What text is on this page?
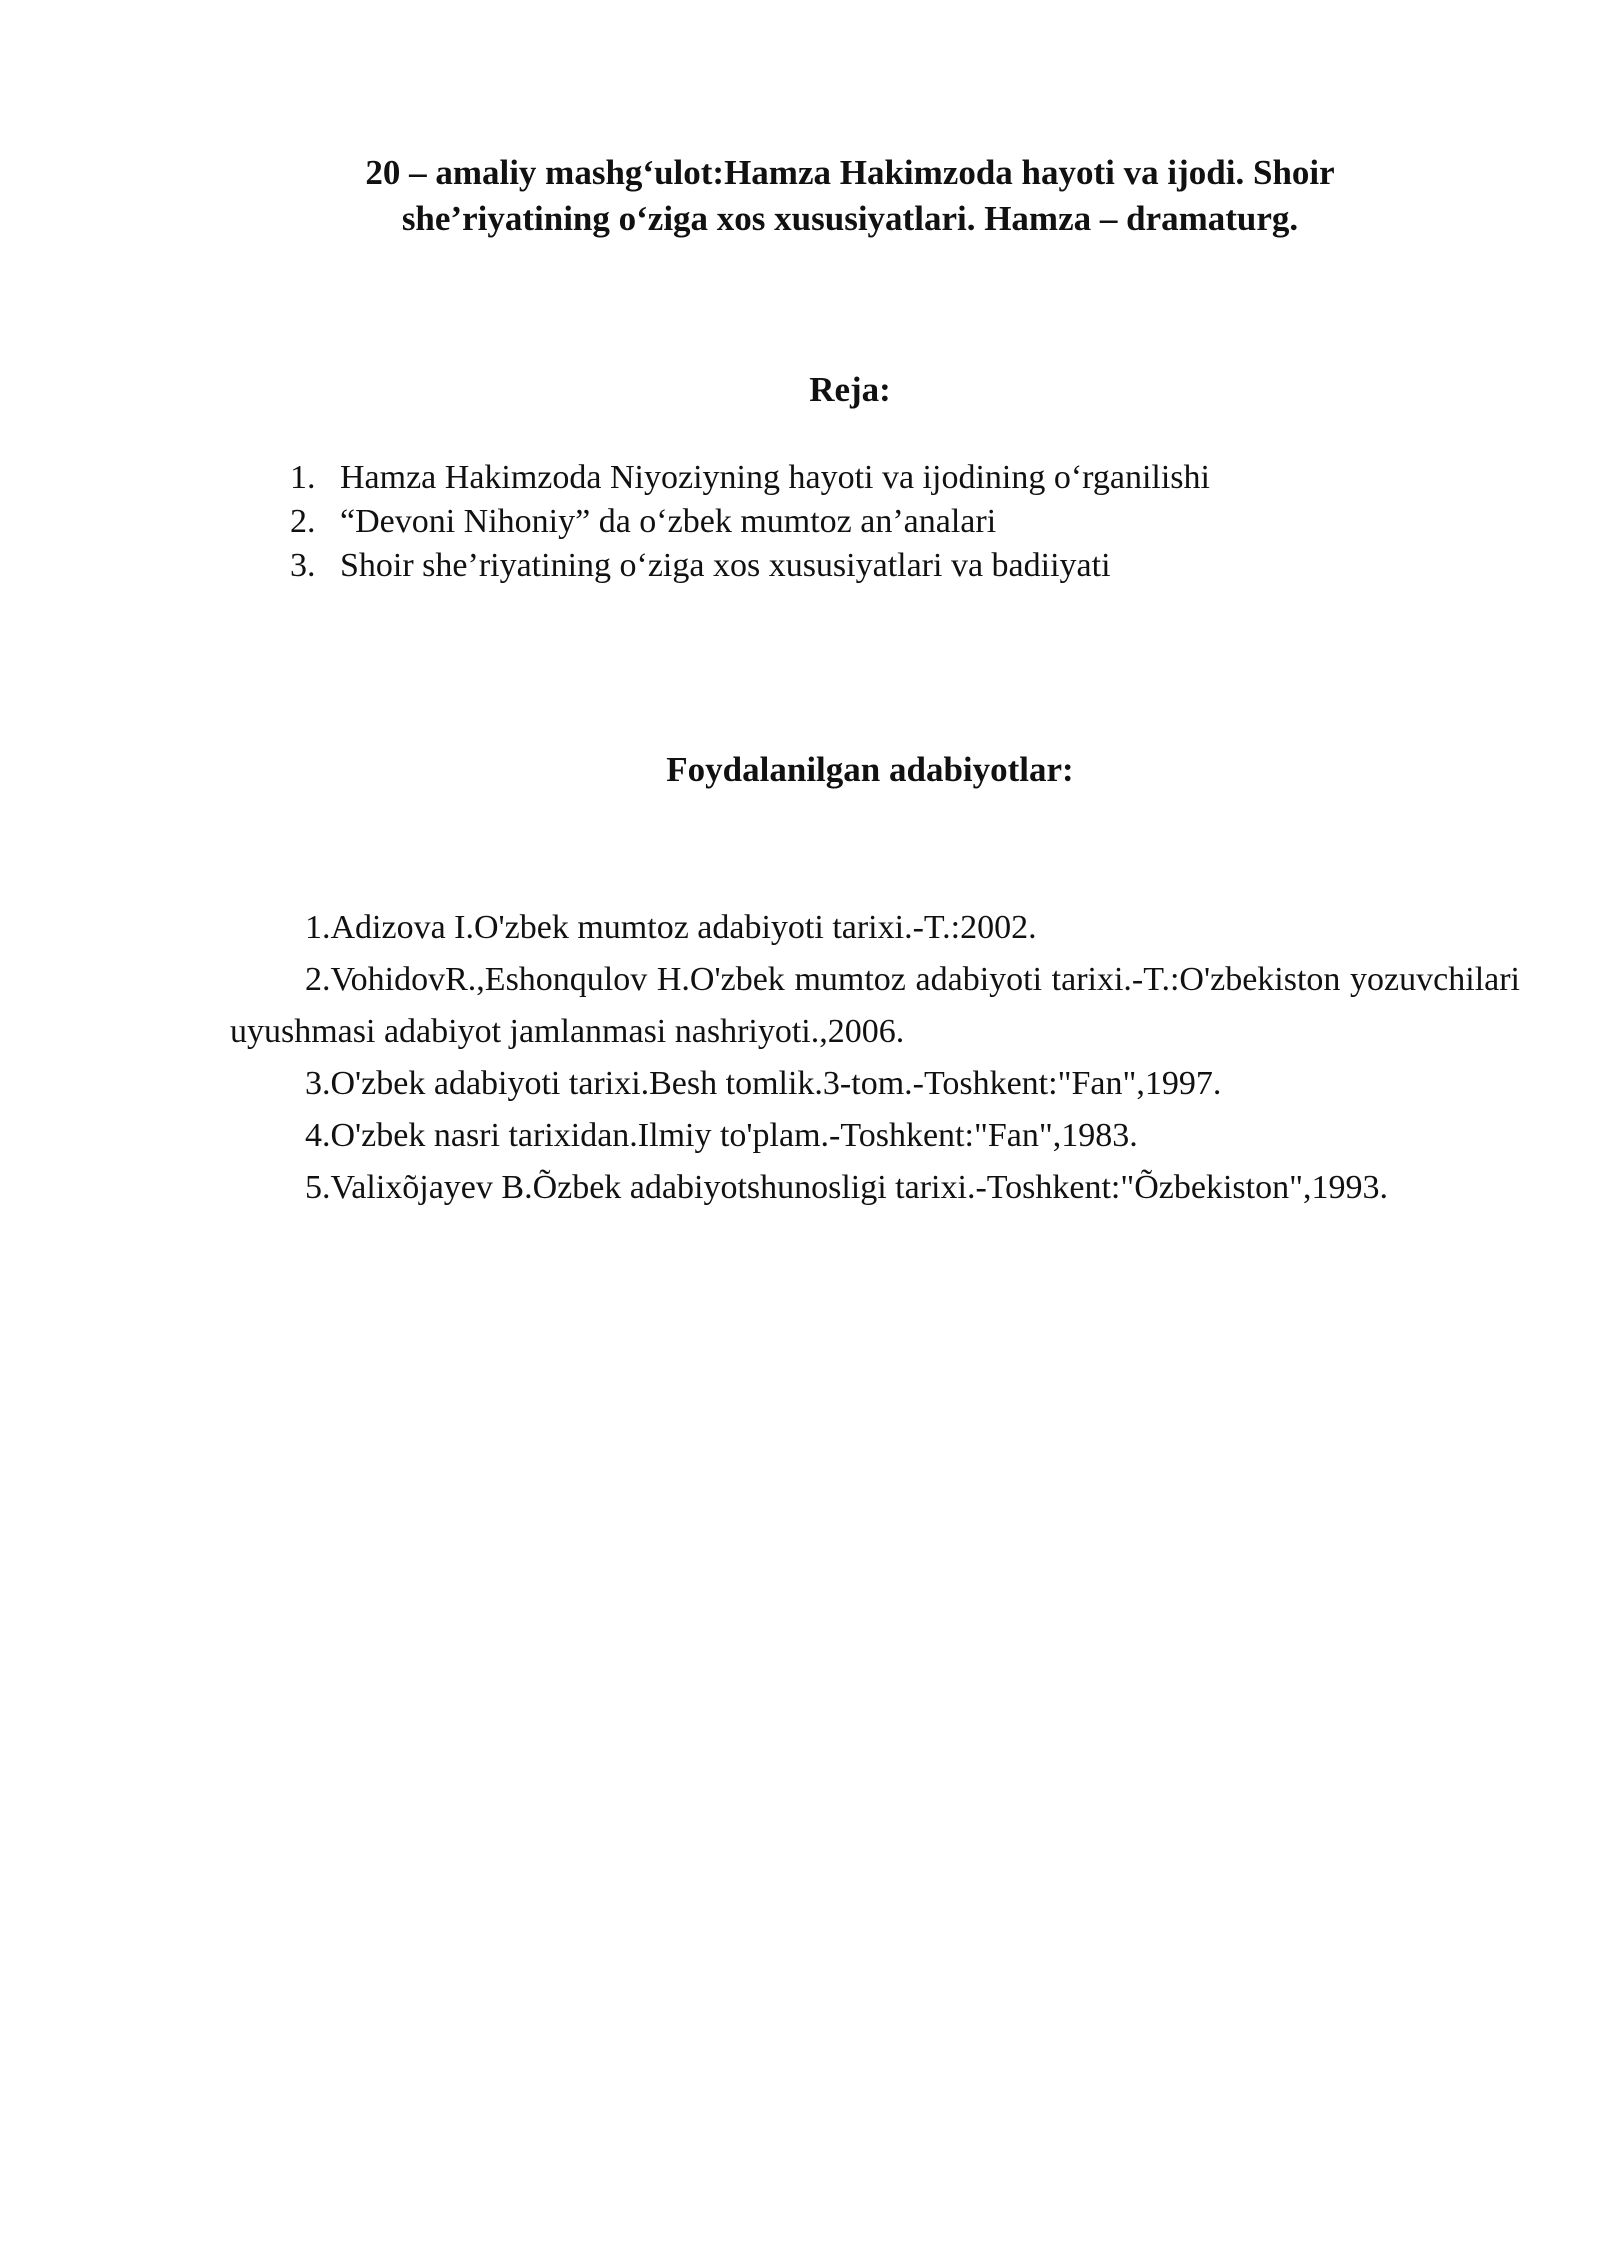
20 – amaliy mashg‘ulot:Hamza Hakimzoda hayoti va ijodi. Shoir
she’riyatining o‘ziga xos xususiyatlari. Hamza – dramaturg.
Reja:
1. Hamza Hakimzoda Niyoziyning hayoti va ijodining o‘rganilishi
2. “Devoni Nihoniy” da o‘zbek mumtoz an’analari
3. Shoir she’riyatining o‘ziga xos xususiyatlari va badiiyati
Foydalanilgan adabiyotlar:

1.Adizova I.O'zbek mumtoz adabiyoti tarixi.-T.:2002.

2.VohidovR.,Eshonqulov H.O'zbek mumtoz adabiyoti tarixi.-T.:O'zbekiston yozuvchilari uyushmasi adabiyot jamlanmasi nashriyoti.,2006.

3.O'zbek adabiyoti tarixi.Besh tomlik.3-tom.-Toshkent:"Fan",1997.

4.O'zbek nasri tarixidan.Ilmiy to'plam.-Toshkent:"Fan",1983.

5.Valixõjayev B.Õzbek adabiyotshunosligi tarixi.-Toshkent:"Õzbekiston",1993.
